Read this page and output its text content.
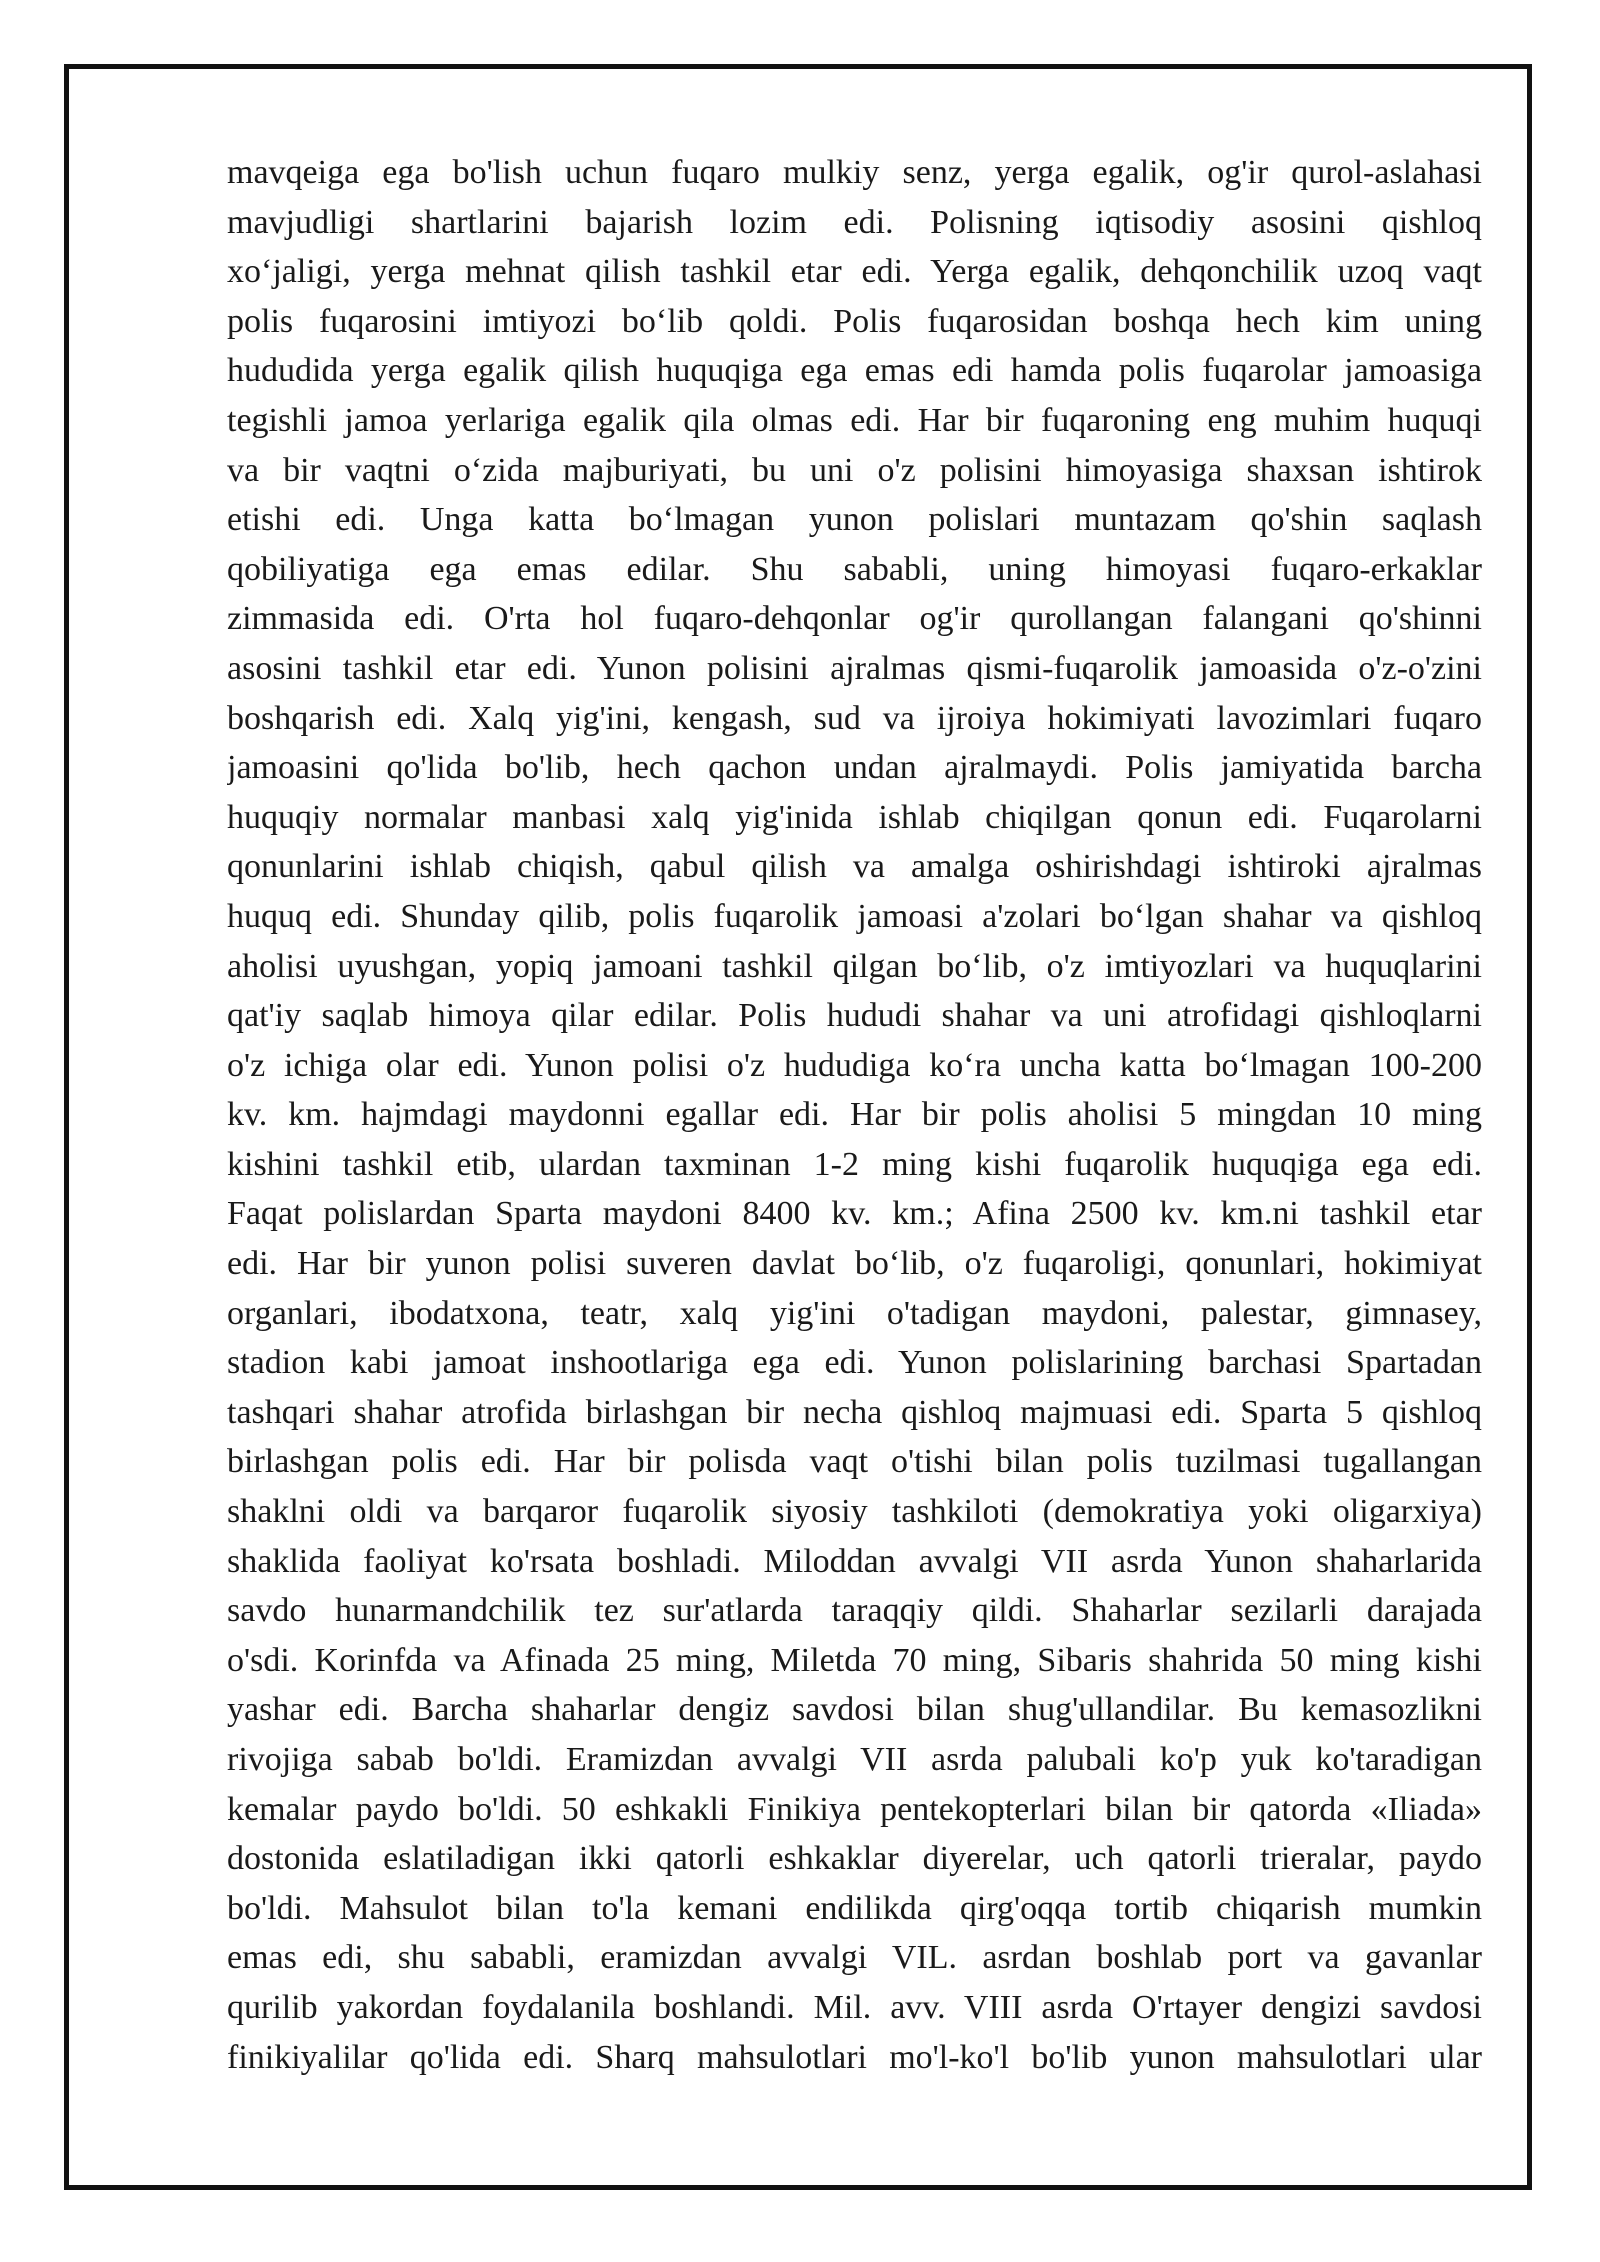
mavqeiga ega bo'lish uchun fuqaro mulkiy senz, yerga egalik, og'ir qurol-aslahasi
mavjudligi shartlarini bajarish lozim edi. Polisning iqtisodiy asosini qishloq
xo‘jaligi, yerga mehnat qilish tashkil etar edi. Yerga egalik, dehqonchilik uzoq vaqt
polis fuqarosini imtiyozi bo‘lib qoldi. Polis fuqarosidan boshqa hech kim uning
hududida yerga egalik qilish huquqiga ega emas edi hamda polis fuqarolar jamoasiga
tegishli jamoa yerlariga egalik qila olmas edi. Har bir fuqaroning eng muhim huquqi
va bir vaqtni o‘zida majburiyati, bu uni o'z polisini himoyasiga shaxsan ishtirok
etishi edi. Unga katta bo‘lmagan yunon polislari muntazam qo'shin saqlash
qobiliyatiga ega emas edilar. Shu sababli, uning himoyasi fuqaro-erkaklar
zimmasida edi. O'rta hol fuqaro-dehqonlar og'ir qurollangan falangani qo'shinni
asosini tashkil etar edi. Yunon polisini ajralmas qismi-fuqarolik jamoasida o'z-o'zini
boshqarish edi. Xalq yig'ini, kengash, sud va ijroiya hokimiyati lavozimlari fuqaro
jamoasini qo'lida bo'lib, hech qachon undan ajralmaydi. Polis jamiyatida barcha
huquqiy normalar manbasi xalq yig'inida ishlab chiqilgan qonun edi. Fuqarolarni
qonunlarini ishlab chiqish, qabul qilish va amalga oshirishdagi ishtiroki ajralmas
huquq edi. Shunday qilib, polis fuqarolik jamoasi a'zolari bo‘lgan shahar va qishloq
aholisi uyushgan, yopiq jamoani tashkil qilgan bo‘lib, o'z imtiyozlari va huquqlarini
qat'iy saqlab himoya qilar edilar. Polis hududi shahar va uni atrofidagi qishloqlarni
o'z ichiga olar edi. Yunon polisi o'z hududiga ko‘ra uncha katta bo‘lmagan 100-200
kv. km. hajmdagi maydonni egallar edi. Har bir polis aholisi 5 mingdan 10 ming
kishini tashkil etib, ulardan taxminan 1-2 ming kishi fuqarolik huquqiga ega edi.
Faqat polislardan Sparta maydoni 8400 kv. km.; Afina 2500 kv. km.ni tashkil etar
edi. Har bir yunon polisi suveren davlat bo‘lib, o'z fuqaroligi, qonunlari, hokimiyat
organlari, ibodatxona, teatr, xalq yig'ini o'tadigan maydoni, palestar, gimnasey,
stadion kabi jamoat inshootlariga ega edi. Yunon polislarining barchasi Spartadan
tashqari shahar atrofida birlashgan bir necha qishloq majmuasi edi. Sparta 5 qishloq
birlashgan polis edi. Har bir polisda vaqt o'tishi bilan polis tuzilmasi tugallangan
shaklni oldi va barqaror fuqarolik siyosiy tashkiloti (demokratiya yoki oligarxiya)
shaklida faoliyat ko'rsata boshladi. Miloddan avvalgi VII asrda Yunon shaharlarida
savdo hunarmandchilik tez sur'atlarda taraqqiy qildi. Shaharlar sezilarli darajada
o'sdi. Korinfda va Afinada 25 ming, Miletda 70 ming, Sibaris shahrida 50 ming kishi
yashar edi. Barcha shaharlar dengiz savdosi bilan shug'ullandilar. Bu kemasozlikni
rivojiga sabab bo'ldi. Eramizdan avvalgi VII asrda palubali ko'p yuk ko'taradigan
kemalar paydo bo'ldi. 50 eshkakli Finikiya pentekopterlari bilan bir qatorda «Iliada»
dostonida eslatiladigan ikki qatorli eshkaklar diyerelar, uch qatorli trieralar, paydo
bo'ldi. Mahsulot bilan to'la kemani endilikda qirg'oqqa tortib chiqarish mumkin
emas edi, shu sababli, eramizdan avvalgi VIL. asrdan boshlab port va gavanlar
qurilib yakordan foydalanila boshlandi. Mil. avv. VIII asrda O'rtayer dengizi savdosi
finikiyalilar qo'lida edi. Sharq mahsulotlari mo'l-ko'l bo'lib yunon mahsulotlari ular
